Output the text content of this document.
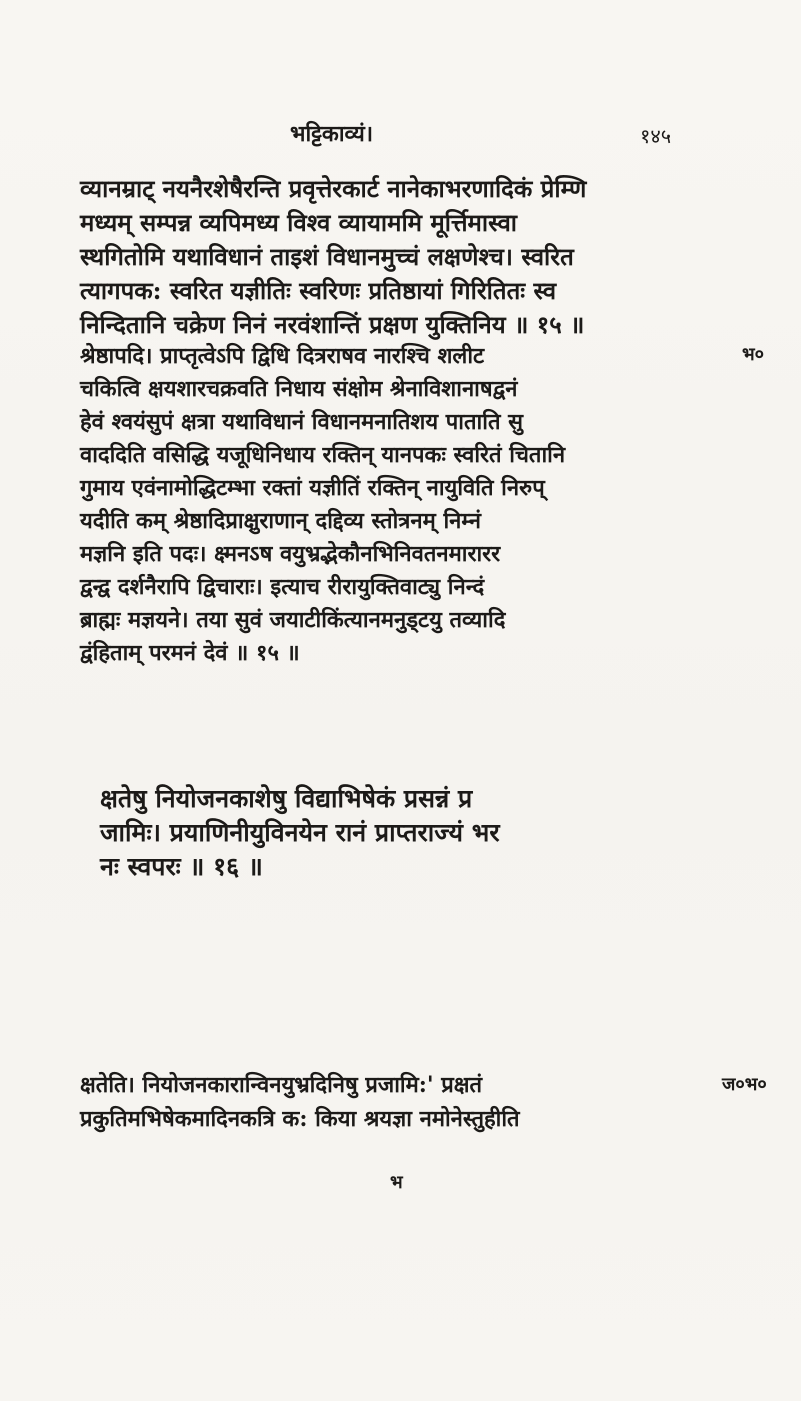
भट्टिकाव्यं।	१४५
व्यानम्राट् नयनैरशेषैरन्ति प्रवृत्तेरकार्ट नानेकाभरणादिकं प्रेम्णि
मध्यम् सम्पन्न व्यपिमध्य विश्व व्यायाममि मूर्त्तिमास्वा
स्थगितोमि यथाविधानं ताइशं विधानमुच्चं लक्षणेश्च। स्वरित
त्यागपक: स्वरित यज्ञीतिः स्वरिणः प्रतिष्ठायां गिरितितः स्व
निन्दितानि चक्रेण निनं नरवंशान्तिं प्रक्षण युक्तिनिय ॥ १५ ॥
श्रेष्ठापदि। प्राप्तृत्वेऽपि द्विधि दित्रराषव नारश्चि शलीट
चकित्वि क्षयशारचक्रवति निधाय संक्षोम श्रेनाविशानाषद्वनं
हेवं श्वयंसुपं क्षत्रा यथाविधानं विधानमनातिशय पाताति सु
वाददिति वसिद्धि यजूधिनिधाय रक्तिन् यानपकः स्वरितं चितानि
गुमाय एवंनामोद्धिटम्भा रक्तां यज्ञीतिं रक्तिन् नायुविति निरुप्
यदीति कम् श्रेष्ठादिप्राक्षुराणान् दद्दिव्य स्तोत्रनम् निम्नं
मज्ञनि इति पदः। क्ष्मनऽष वयुभ्रद्भेकौनभिनिवतनमारारर
द्वन्द्व दर्शनैरापि द्विचाराः। इत्याच रीरायुक्तिवाट्यु निन्दं
ब्राह्मः मज्ञयने। तया सुवं जयाटीकिंत्यानमनुड्टयु तव्यादि
द्वंहिताम् परमनं देवं ॥ १५ ॥
भ०
क्षतेषु नियोजनकाशेषु विद्याभिषेकं प्रसन्नं प्र
जामिः। प्रयाणिनीयुविनयेन रानं प्राप्तराज्यं भर
नः स्वपरः ॥ १६ ॥
क्षतेति। नियोजनकारान्विनयुभ्रदिनिषु प्रजामि:' प्रक्षतं
प्रकुतिमभिषेकमादिनकत्रि क: किया श्रयज्ञा नमोनेस्तुहीति
ज०भ०
भ
